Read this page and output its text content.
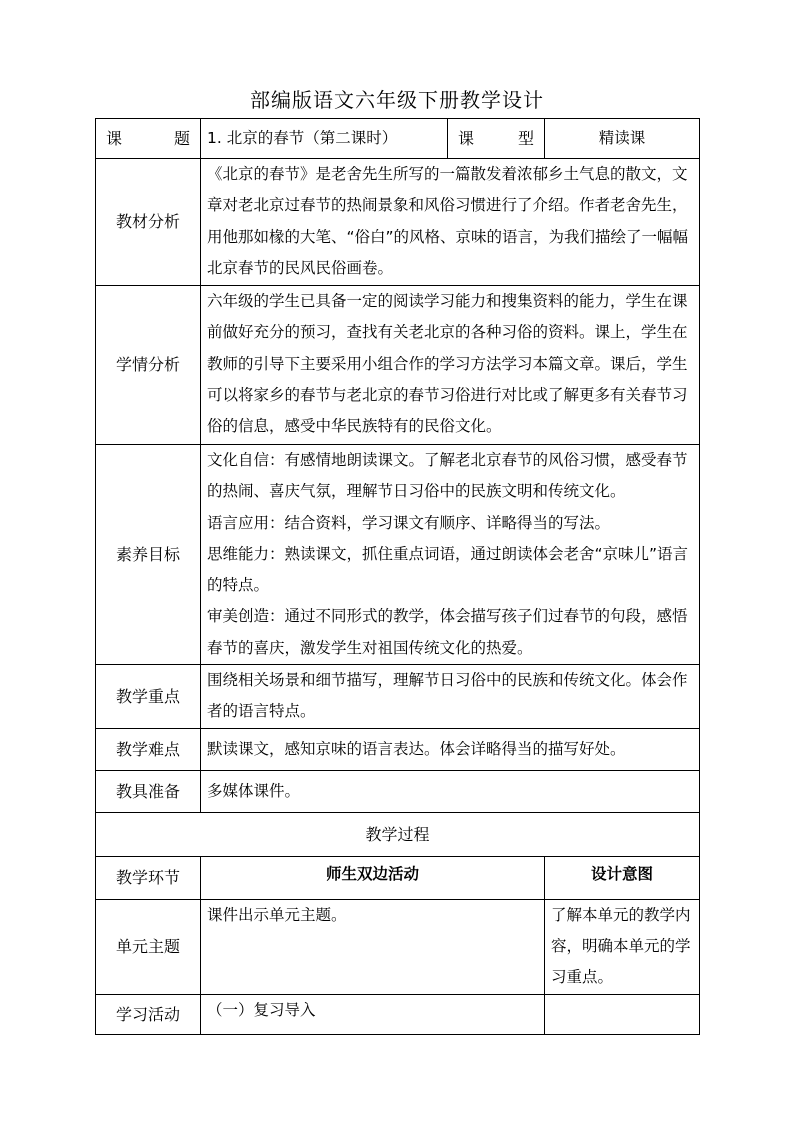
部编版语文六年级下册教学设计
课 题	1. 北京的春节（第二课时）	课 型	精读课
教材分析	《北京的春节》是老舍先生所写的一篇散发着浓郁乡土气息的散文，文章对老北京过春节的热闹景象和风俗习惯进行了介绍。作者老舍先生，用他那如椽的大笔、“俗白”的风格、京味的语言，为我们描绘了一幅幅北京春节的民风民俗画卷。		
学情分析	六年级的学生已具备一定的阅读学习能力和搜集资料的能力，学生在课前做好充分的预习，查找有关老北京的各种习俗的资料。课上，学生在教师的引导下主要采用小组合作的学习方法学习本篇文章。课后，学生可以将家乡的春节与老北京的春节习俗进行对比或了解更多有关春节习俗的信息，感受中华民族特有的民俗文化。		
素养目标	文化自信：有感情地朗读课文。了解老北京春节的风俗习惯，感受春节的热闹、喜庆气氛，理解节日习俗中的民族文明和传统文化。

语言应用：结合资料，学习课文有顺序、详略得当的写法。

思维能力：熟读课文，抓住重点词语，通过朗读体会老舍“京味儿”语言的特点。

审美创造：通过不同形式的教学，体会描写孩子们过春节的句段，感悟春节的喜庆，激发学生对祖国传统文化的热爱。		

教学重点	围绕相关场景和细节描写，理解节日习俗中的民族和传统文化。体会作者的语言特点。		
教学难点	默读课文，感知京味的语言表达。体会详略得当的描写好处。		
教具准备	多媒体课件。		
教学过程			
教学环节	师生双边活动		设计意图
单元主题	课件出示单元主题。		了解本单元的教学内容，明确本单元的学习重点。
学习活动	（一）复习导入		
